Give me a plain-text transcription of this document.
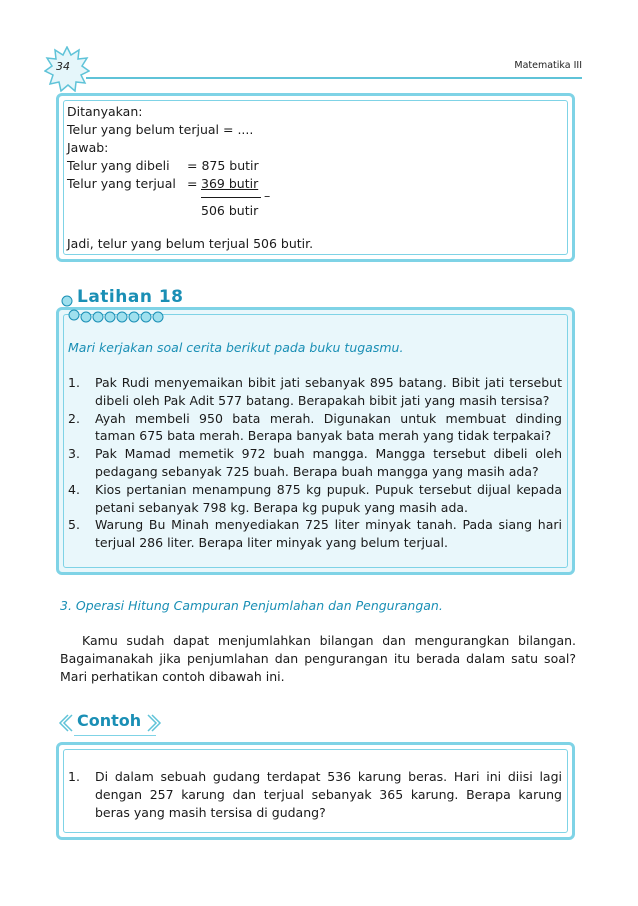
34	Matematika III
Ditanyakan:
Telur yang belum terjual = ....
Jawab:
Telur yang dibeli = 875 butir
Telur yang terjual = 369 butir
–
506 butir
Jadi, telur yang belum terjual 506 butir.
Latihan 18
Mari kerjakan soal cerita berikut pada buku tugasmu.
1.	Pak Rudi menyemaikan bibit jati sebanyak 895 batang. Bibit jati tersebut dibeli oleh Pak Adit 577 batang. Berapakah bibit jati yang masih tersisa?
2.	Ayah membeli 950 bata merah. Digunakan untuk membuat dinding taman 675 bata merah. Berapa banyak bata merah yang tidak terpakai?
3.	Pak Mamad memetik 972 buah mangga. Mangga tersebut dibeli oleh pedagang sebanyak 725 buah. Berapa buah mangga yang masih ada?
4.	Kios pertanian menampung 875 kg pupuk. Pupuk tersebut dijual kepada petani sebanyak 798 kg. Berapa kg pupuk yang masih ada.
5.	Warung Bu Minah menyediakan 725 liter minyak tanah. Pada siang hari terjual 286 liter. Berapa liter minyak yang belum terjual.
3. Operasi Hitung Campuran Penjumlahan dan Pengurangan.
Kamu sudah dapat menjumlahkan bilangan dan mengurangkan bilangan. Bagaimanakah jika penjumlahan dan pengurangan itu berada dalam satu soal? Mari perhatikan contoh dibawah ini.
Contoh
1.	Di dalam sebuah gudang terdapat 536 karung beras. Hari ini diisi lagi dengan 257 karung dan terjual sebanyak 365 karung. Berapa karung beras yang masih tersisa di gudang?
